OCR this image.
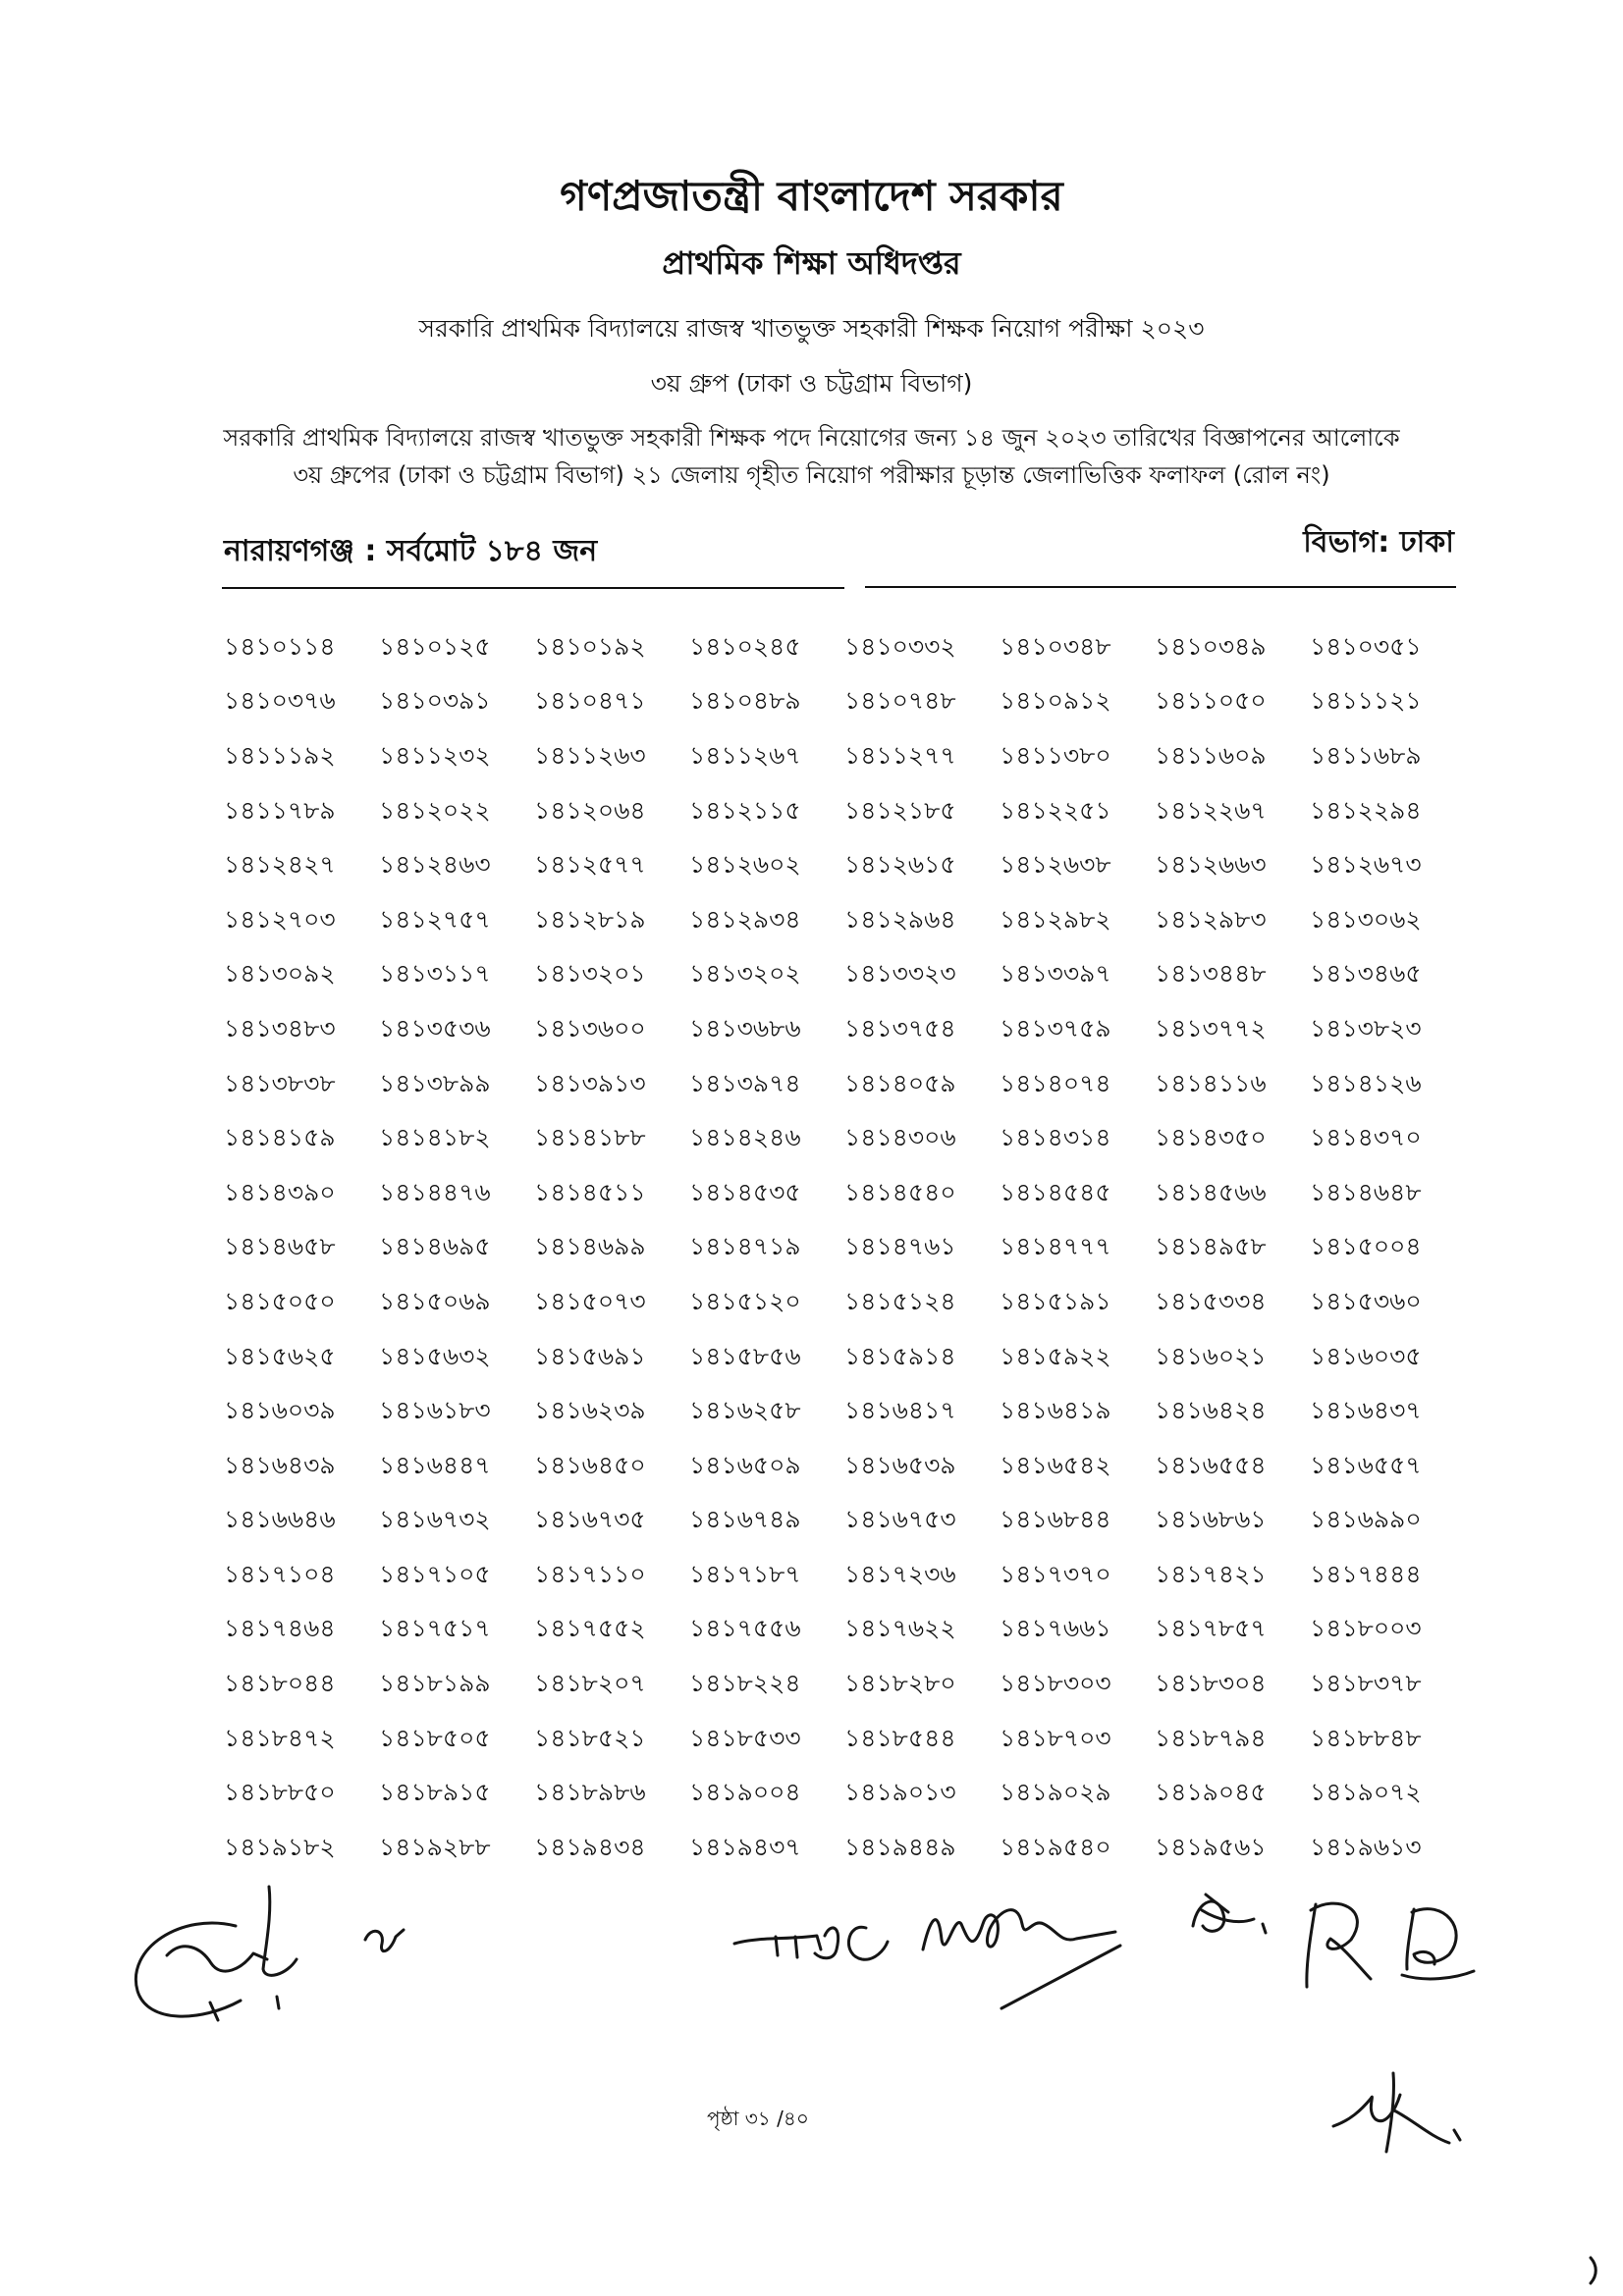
গণপ্রজাতন্ত্রী বাংলাদেশ সরকার
প্রাথমিক শিক্ষা অধিদপ্তর

সরকারি প্রাথমিক বিদ্যালয়ে রাজস্ব খাতভুক্ত সহকারী শিক্ষক নিয়োগ পরীক্ষা ২০২৩

৩য় গ্রুপ (ঢাকা ও চট্টগ্রাম বিভাগ)

সরকারি প্রাথমিক বিদ্যালয়ে রাজস্ব খাতভুক্ত সহকারী শিক্ষক পদে নিয়োগের জন্য ১৪ জুন ২০২৩ তারিখের বিজ্ঞাপনের আলোকে

৩য় গ্রুপের (ঢাকা ও চট্টগ্রাম বিভাগ) ২১ জেলায় গৃহীত নিয়োগ পরীক্ষার চূড়ান্ত জেলাভিত্তিক ফলাফল (রোল নং)

নারায়ণগঞ্জ : সর্বমোট ১৮৪ জন	বিভাগ: ঢাকা
১৪১০১১৪	১৪১০১২৫	১৪১০১৯২	১৪১০২৪৫	১৪১০৩৩২	১৪১০৩৪৮	১৪১০৩৪৯	১৪১০৩৫১
১৪১০৩৭৬	১৪১০৩৯১	১৪১০৪৭১	১৪১০৪৮৯	১৪১০৭৪৮	১৪১০৯১২	১৪১১০৫০	১৪১১১২১
১৪১১১৯২	১৪১১২৩২	১৪১১২৬৩	১৪১১২৬৭	১৪১১২৭৭	১৪১১৩৮০	১৪১১৬০৯	১৪১১৬৮৯
১৪১১৭৮৯	১৪১২০২২	১৪১২০৬৪	১৪১২১১৫	১৪১২১৮৫	১৪১২২৫১	১৪১২২৬৭	১৪১২২৯৪
১৪১২৪২৭	১৪১২৪৬৩	১৪১২৫৭৭	১৪১২৬০২	১৪১২৬১৫	১৪১২৬৩৮	১৪১২৬৬৩	১৪১২৬৭৩
১৪১২৭০৩	১৪১২৭৫৭	১৪১২৮১৯	১৪১২৯৩৪	১৪১২৯৬৪	১৪১২৯৮২	১৪১২৯৮৩	১৪১৩০৬২
১৪১৩০৯২	১৪১৩১১৭	১৪১৩২০১	১৪১৩২০২	১৪১৩৩২৩	১৪১৩৩৯৭	১৪১৩৪৪৮	১৪১৩৪৬৫
১৪১৩৪৮৩	১৪১৩৫৩৬	১৪১৩৬০০	১৪১৩৬৮৬	১৪১৩৭৫৪	১৪১৩৭৫৯	১৪১৩৭৭২	১৪১৩৮২৩
১৪১৩৮৩৮	১৪১৩৮৯৯	১৪১৩৯১৩	১৪১৩৯৭৪	১৪১৪০৫৯	১৪১৪০৭৪	১৪১৪১১৬	১৪১৪১২৬
১৪১৪১৫৯	১৪১৪১৮২	১৪১৪১৮৮	১৪১৪২৪৬	১৪১৪৩০৬	১৪১৪৩১৪	১৪১৪৩৫০	১৪১৪৩৭০
১৪১৪৩৯০	১৪১৪৪৭৬	১৪১৪৫১১	১৪১৪৫৩৫	১৪১৪৫৪০	১৪১৪৫৪৫	১৪১৪৫৬৬	১৪১৪৬৪৮
১৪১৪৬৫৮	১৪১৪৬৯৫	১৪১৪৬৯৯	১৪১৪৭১৯	১৪১৪৭৬১	১৪১৪৭৭৭	১৪১৪৯৫৮	১৪১৫০০৪
১৪১৫০৫০	১৪১৫০৬৯	১৪১৫০৭৩	১৪১৫১২০	১৪১৫১২৪	১৪১৫১৯১	১৪১৫৩৩৪	১৪১৫৩৬০
১৪১৫৬২৫	১৪১৫৬৩২	১৪১৫৬৯১	১৪১৫৮৫৬	১৪১৫৯১৪	১৪১৫৯২২	১৪১৬০২১	১৪১৬০৩৫
১৪১৬০৩৯	১৪১৬১৮৩	১৪১৬২৩৯	১৪১৬২৫৮	১৪১৬৪১৭	১৪১৬৪১৯	১৪১৬৪২৪	১৪১৬৪৩৭
১৪১৬৪৩৯	১৪১৬৪৪৭	১৪১৬৪৫০	১৪১৬৫০৯	১৪১৬৫৩৯	১৪১৬৫৪২	১৪১৬৫৫৪	১৪১৬৫৫৭
১৪১৬৬৪৬	১৪১৬৭৩২	১৪১৬৭৩৫	১৪১৬৭৪৯	১৪১৬৭৫৩	১৪১৬৮৪৪	১৪১৬৮৬১	১৪১৬৯৯০
১৪১৭১০৪	১৪১৭১০৫	১৪১৭১১০	১৪১৭১৮৭	১৪১৭২৩৬	১৪১৭৩৭০	১৪১৭৪২১	১৪১৭৪৪৪
১৪১৭৪৬৪	১৪১৭৫১৭	১৪১৭৫৫২	১৪১৭৫৫৬	১৪১৭৬২২	১৪১৭৬৬১	১৪১৭৮৫৭	১৪১৮০০৩
১৪১৮০৪৪	১৪১৮১৯৯	১৪১৮২০৭	১৪১৮২২৪	১৪১৮২৮০	১৪১৮৩০৩	১৪১৮৩০৪	১৪১৮৩৭৮
১৪১৮৪৭২	১৪১৮৫০৫	১৪১৮৫২১	১৪১৮৫৩৩	১৪১৮৫৪৪	১৪১৮৭০৩	১৪১৮৭৯৪	১৪১৮৮৪৮
১৪১৮৮৫০	১৪১৮৯১৫	১৪১৮৯৮৬	১৪১৯০০৪	১৪১৯০১৩	১৪১৯০২৯	১৪১৯০৪৫	১৪১৯০৭২
১৪১৯১৮২	১৪১৯২৮৮	১৪১৯৪৩৪	১৪১৯৪৩৭	১৪১৯৪৪৯	১৪১৯৫৪০	১৪১৯৫৬১	১৪১৯৬১৩
পৃষ্ঠা ৩১ /৪০
